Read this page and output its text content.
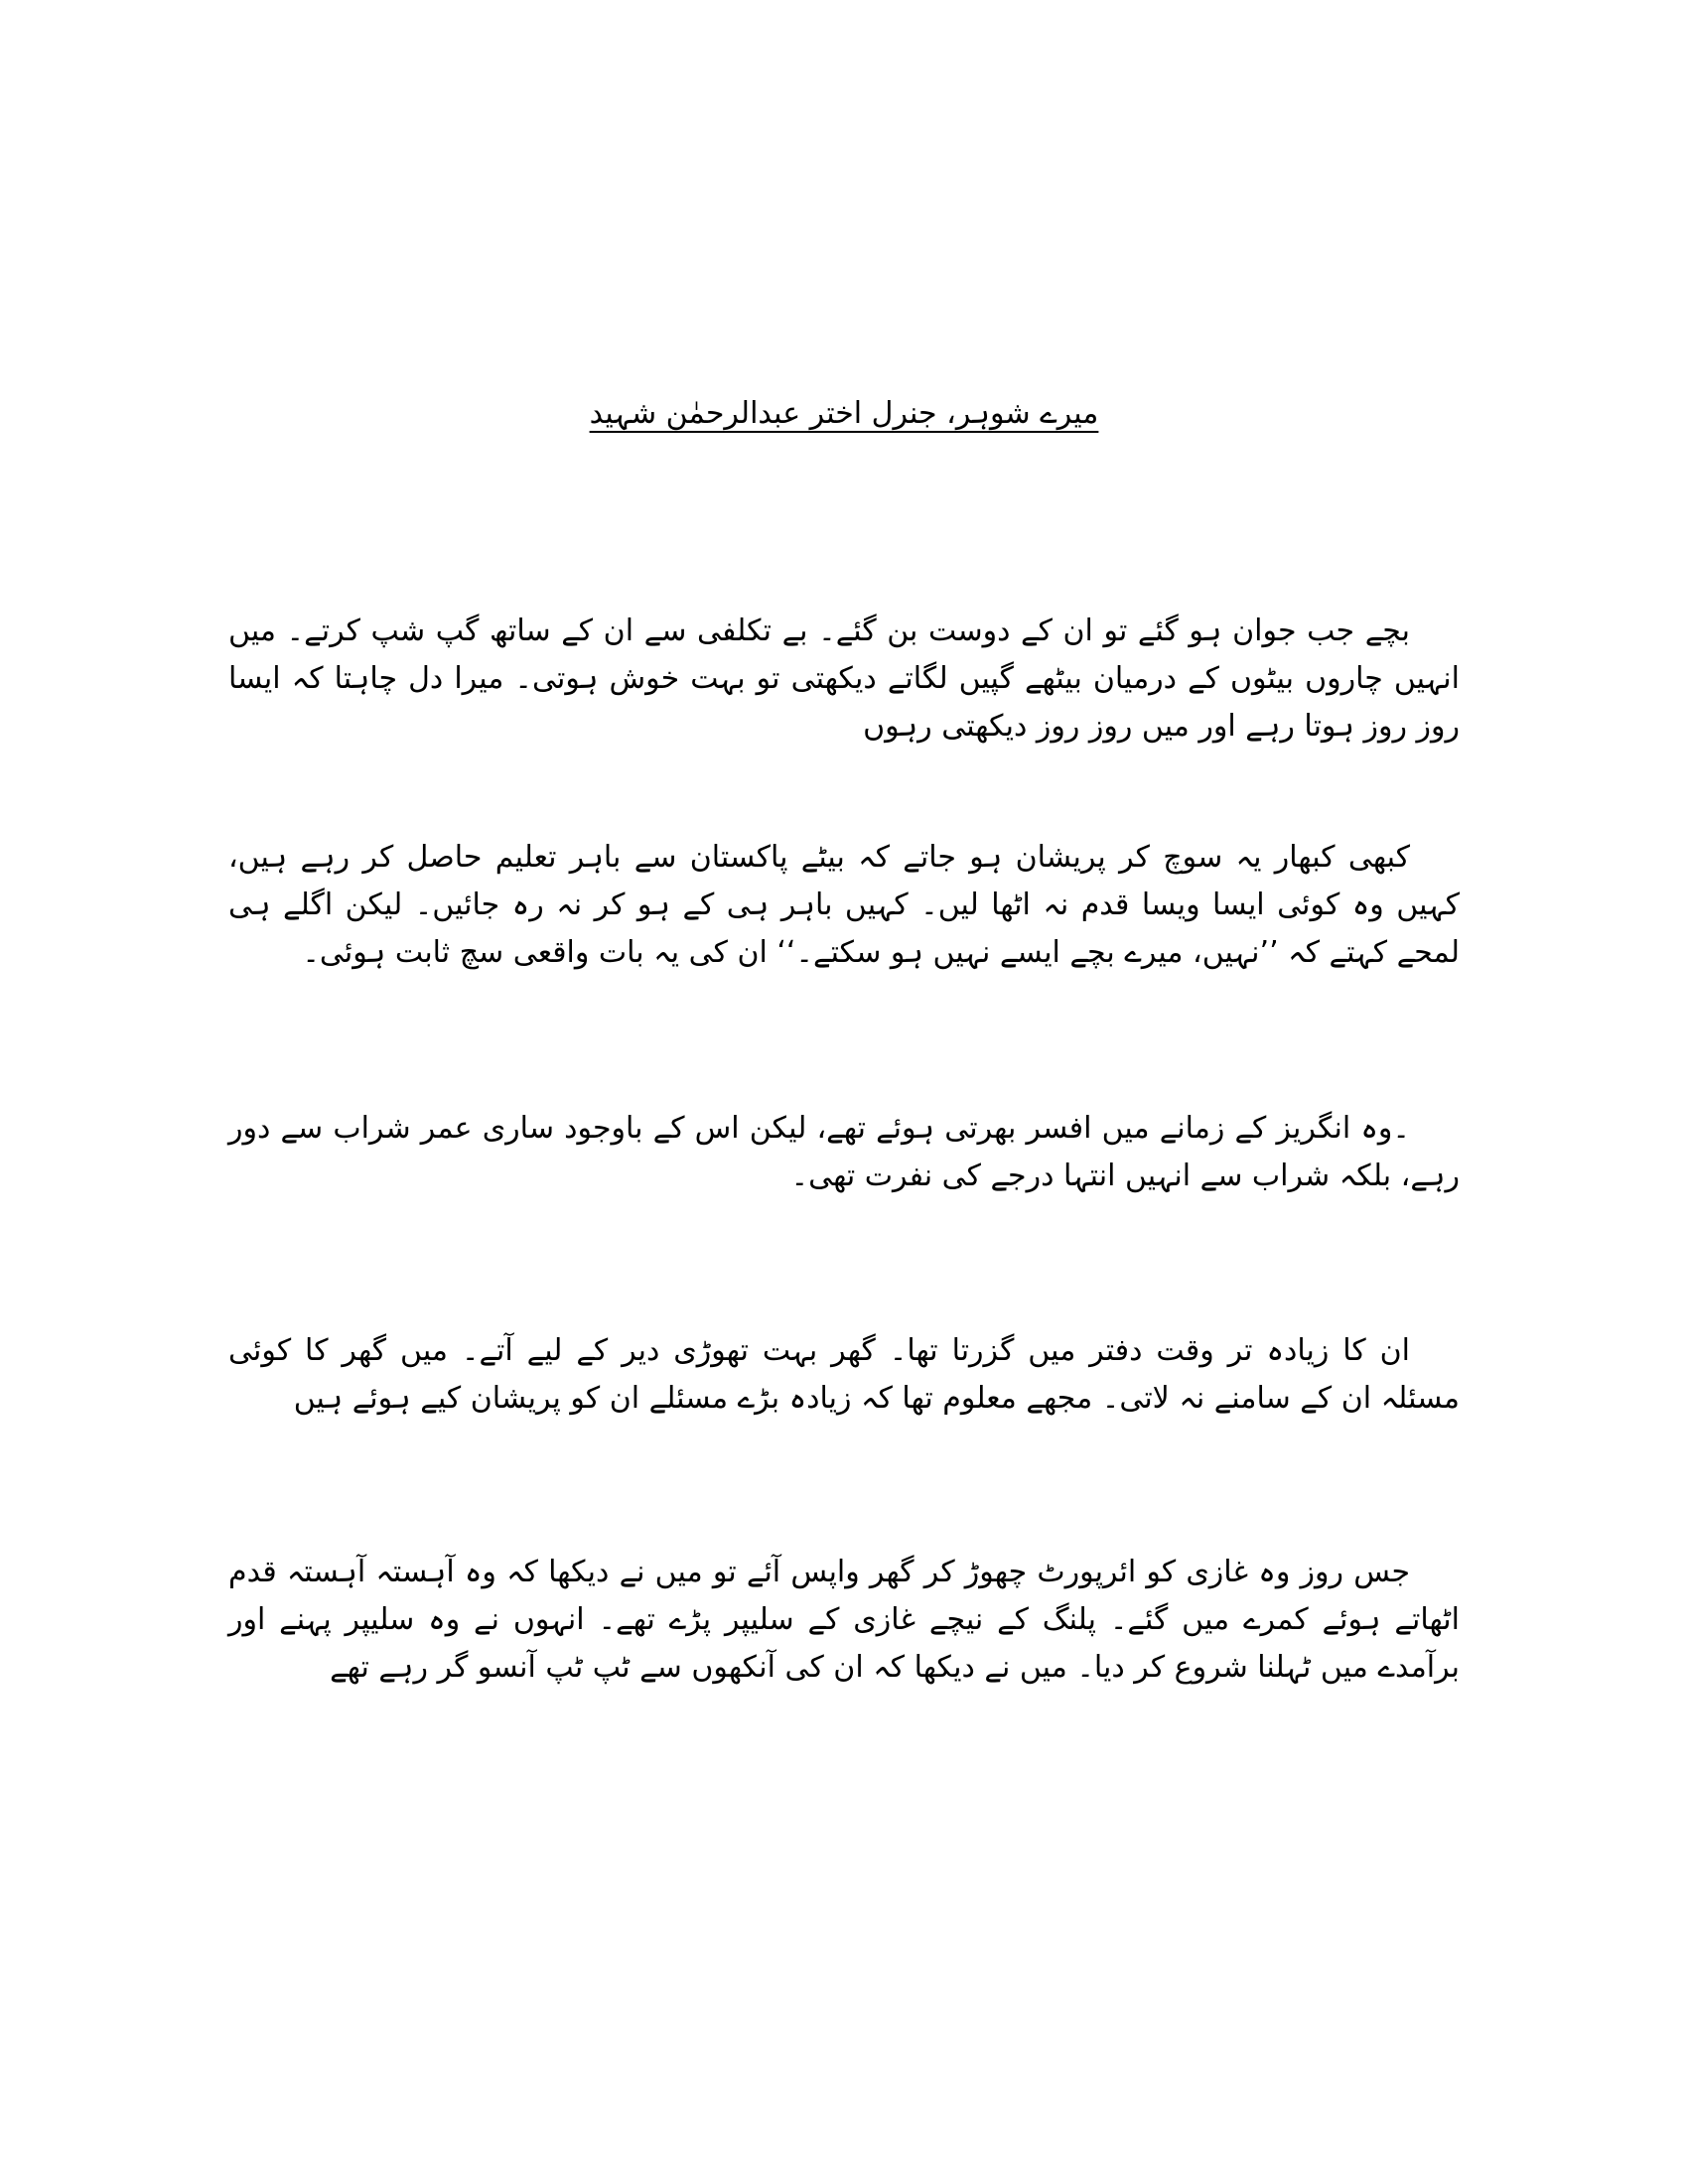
میرے شوہر، جنرل اختر عبدالرحمٰن شہید

بچے جب جوان ہو گئے تو ان کے دوست بن گئے۔ بے تکلفی سے ان کے ساتھ گپ شپ کرتے۔ میں انہیں چاروں بیٹوں کے درمیان بیٹھے گپیں لگاتے دیکھتی تو بہت خوش ہوتی۔ میرا دل چاہتا کہ ایسا روز روز ہوتا رہے اور میں روز روز دیکھتی رہوں

کبھی کبھار یہ سوچ کر پریشان ہو جاتے کہ بیٹے پاکستان سے باہر تعلیم حاصل کر رہے ہیں، کہیں وہ کوئی ایسا ویسا قدم نہ اٹھا لیں۔ کہیں باہر ہی کے ہو کر نہ رہ جائیں۔ لیکن اگلے ہی لمحے کہتے کہ ’’نہیں، میرے بچے ایسے نہیں ہو سکتے۔‘‘ ان کی یہ بات واقعی سچ ثابت ہوئی۔

۔وہ انگریز کے زمانے میں افسر بھرتی ہوئے تھے، لیکن اس کے باوجود ساری عمر شراب سے دور رہے، بلکہ شراب سے انہیں انتہا درجے کی نفرت تھی۔

ان کا زیادہ تر وقت دفتر میں گزرتا تھا۔ گھر بہت تھوڑی دیر کے لیے آتے۔ میں گھر کا کوئی مسئلہ ان کے سامنے نہ لاتی۔ مجھے معلوم تھا کہ زیادہ بڑے مسئلے ان کو پریشان کیے ہوئے ہیں

جس روز وہ غازی کو ائرپورٹ چھوڑ کر گھر واپس آئے تو میں نے دیکھا کہ وہ آہستہ آہستہ قدم اٹھاتے ہوئے کمرے میں گئے۔ پلنگ کے نیچے غازی کے سلیپر پڑے تھے۔ انہوں نے وہ سلیپر پہنے اور برآمدے میں ٹہلنا شروع کر دیا۔ میں نے دیکھا کہ ان کی آنکھوں سے ٹپ ٹپ آنسو گر رہے تھے
